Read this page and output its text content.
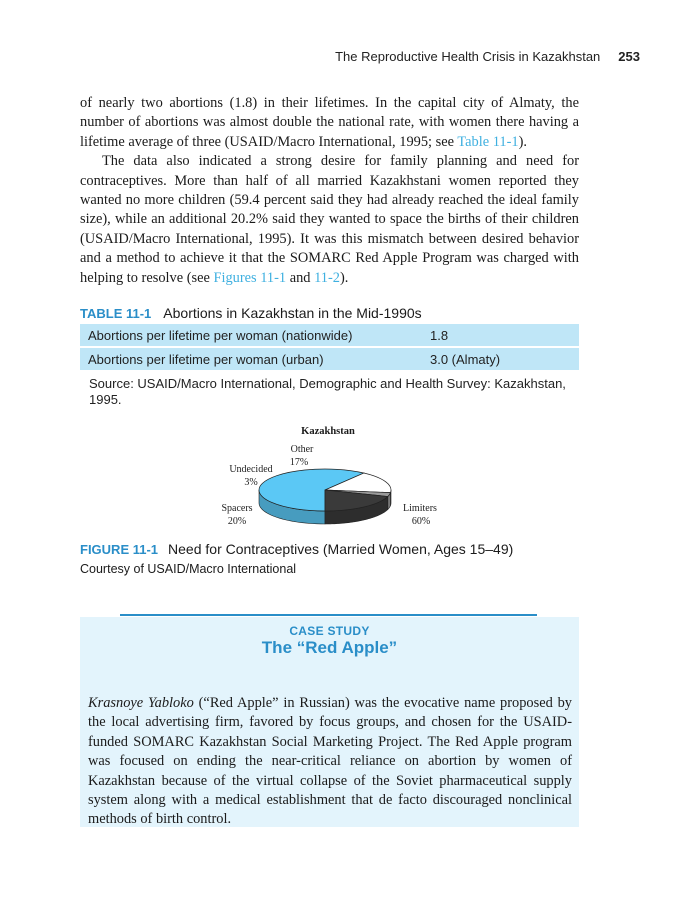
The Reproductive Health Crisis in Kazakhstan 253

of nearly two abortions (1.8) in their lifetimes. In the capital city of Almaty, the number of abortions was almost double the national rate, with women there having a lifetime average of three (USAID/Macro International, 1995; see Table 11-1).

The data also indicated a strong desire for family planning and need for contraceptives. More than half of all married Kazakhstani women reported they wanted no more children (59.4 percent said they had already reached the ideal family size), while an additional 20.2% said they wanted to space the births of their children (USAID/Macro International, 1995). It was this mismatch between desired behavior and a method to achieve it that the SOMARC Red Apple Program was charged with helping to resolve (see Figures 11-1 and 11-2).

TABLE 11-1 Abortions in Kazakhstan in the Mid-1990s
Abortions per lifetime per woman (nationwide)	1.8
Abortions per lifetime per woman (urban)	3.0 (Almaty)
Source: USAID/Macro International, Demographic and Health Survey: Kazakhstan,
1995.
Kazakhstan
Other
17%
Undecided
3%
Spacers
20%
Limiters
60%
FIGURE 11-1 Need for Contraceptives (Married Women, Ages 15–49)
Courtesy of USAID/Macro International
CASE STUDY
The “Red Apple”

Krasnoye Yabloko (“Red Apple” in Russian) was the evocative name proposed by the local advertising firm, favored by focus groups, and chosen for the USAID-funded SOMARC Kazakhstan Social Marketing Project. The Red Apple program was focused on ending the near-critical reliance on abortion by women of Kazakhstan because of the virtual collapse of the Soviet pharmaceutical supply system along with a medical establishment that de facto discouraged nonclinical methods of birth control.
